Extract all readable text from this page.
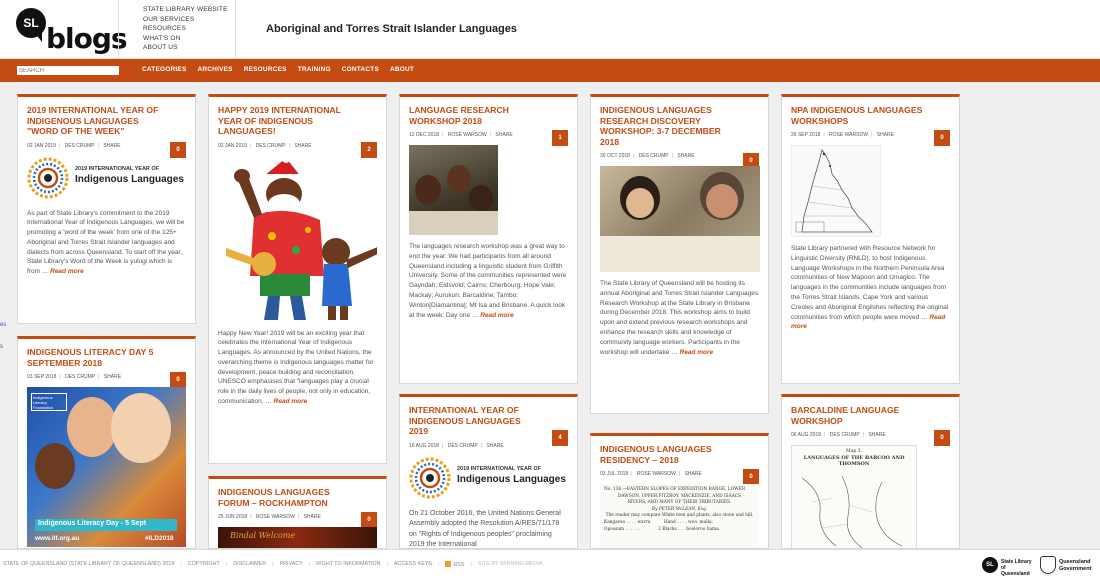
SL blogs
STATE LIBRARY WEBSITE
OUR SERVICES
RESOURCES
WHAT'S ON
ABOUT US
Aboriginal and Torres Strait Islander Languages
SEARCH
CATEGORIES ARCHIVES RESOURCES TRAINING CONTACTS ABOUT
es
s
2019 INTERNATIONAL YEAR OF INDIGENOUS LANGUAGES "WORD OF THE WEEK"
0
02 JAN 2019 | DES CRUMP | SHARE
2019 INTERNATIONAL YEAR OF
Indigenous Languages

As part of State Library's commitment to the 2019 International Year of Indigenous Languages, we will be promoting a 'word of the week' from one of the 125+ Aboriginal and Torres Strait Islander languages and dialects from across Queensland. To start off the year, State Library's Word of the Week is yulugi which is from … Read more

INDIGENOUS LITERACY DAY 5 SEPTEMBER 2018
0
03 SEP 2018 | DES CRUMP | SHARE
Indigenous Literacy Foundation
Indigenous Literacy Day - 5 Sept
www.ilf.org.au	#ILD2018
HAPPY 2019 INTERNATIONAL YEAR OF INDIGENOUS LANGUAGES!
2
02 JAN 2019 | DES CRUMP | SHARE

Happy New Year! 2019 will be an exciting year that celebrates the International Year of Indigenous Languages. As announced by the United Nations, the overarching theme is Indigenous languages matter for development, peace building and reconciliation. UNESCO emphasises that "languages play a crucial role in the daily lives of people, not only in education, communication, … Read more

INDIGENOUS LANGUAGES FORUM – ROCKHAMPTON
0
25 JUN 2018 | ROSE WARSOW | SHARE
Bindal Welcome
LANGUAGE RESEARCH WORKSHOP 2018
1
12 DEC 2018 | ROSE WARSOW | SHARE

The languages research workshop was a great way to end the year. We had participants from all around Queensland including a linguistic student from Griffith University. Some of the communities represented were Gayndah; Eidsvold; Cairns; Cherbourg; Hope Vale; Mackay; Aurukun; Barcaldine; Tambo; Winton[Diamantina]; Mt Isa and Brisbane. A quick look at the week: Day one … Read more

INTERNATIONAL YEAR OF INDIGENOUS LANGUAGES 2019
4
16 AUG 2018 | DES CRUMP | SHARE
2019 INTERNATIONAL YEAR OF
Indigenous Languages

On 21 October 2016, the United Nations General Assembly adopted the Resolution A/RES/71/178 on "Rights of Indigenous peoples" proclaiming 2019 the International

INDIGENOUS LANGUAGES RESEARCH DISCOVERY WORKSHOP: 3-7 DECEMBER 2018
0
30 OCT 2018 | DES CRUMP | SHARE

The State Library of Queensland will be hosting its annual Aboriginal and Torres Strait Islander Languages Research Workshop at the State Library in Brisbane during December 2018. This workshop aims to build upon and extend previous research workshops and enhance the research skills and knowledge of community language workers. Participants in the workshop will undertake … Read more

INDIGENOUS LANGUAGES RESIDENCY – 2018
0
03 JUL 2018 | ROSE WARSOW | SHARE
No. 136.—EASTERN SLOPES OF EXPEDITION RANGE, LOWER
DAWSON, UPPER FITZROY, MACKENZIE, AND ISAACS
RIVERS, AND MANY OF THEIR TRIBUTARIES.
By PETER McLEAN, Esq.
The reader may compare White men and plants, also stone and hill.
Kangaroo . . . . warra          Hand . . . . woo, malla.
Opossum . . . . . .             2 Blacks . . . booloroo bama.
NPA INDIGENOUS LANGUAGES WORKSHOPS
0
26 SEP 2018 | ROSE WARSOW | SHARE

State Library partnered with Resource Network for Linguistic Diversity (RNLD), to host Indigenous Language Workshops in the Northern Peninsula Area communities of New Mapoon and Umagico. The languages in the communities include languages from the Torres Strait Islands, Cape York and various Creoles and Aboriginal Englishes reflecting the original communities from which people were moved … Read more

BARCALDINE LANGUAGE WORKSHOP
0
06 AUG 2018 | DES CRUMP | SHARE
Map 3.
LANGUAGES OF THE BARCOO AND THOMSON
STATE OF QUEENSLAND (STATE LIBRARY OF QUEENSLAND) 2019 | COPYRIGHT | DISCLAIMER | PRIVACY | RIGHT TO INFORMATION | ACCESS KEYS |	RSS | SITE BY WINNING MEDIA	SL	State Library of Queensland
Queensland Government
